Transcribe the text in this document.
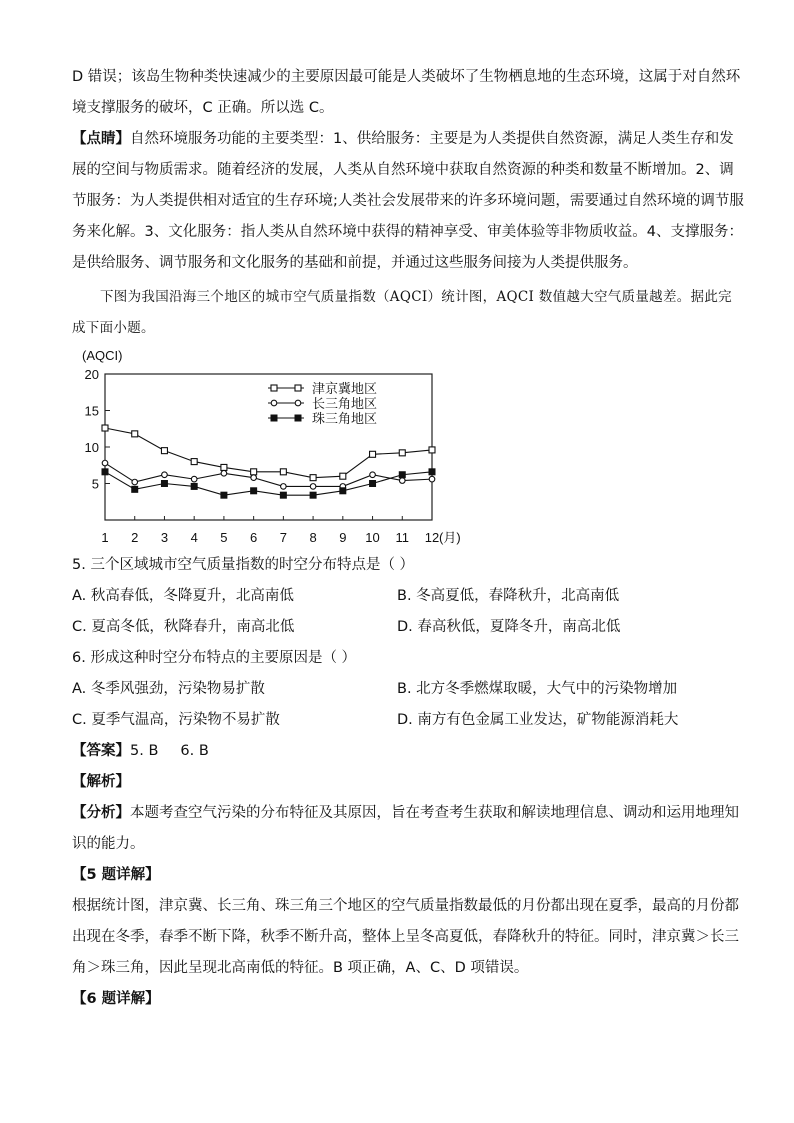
D 错误；该岛生物种类快速减少的主要原因最可能是人类破坏了生物栖息地的生态环境，这属于对自然环
境支撑服务的破坏，C 正确。所以选 C。
【点睛】自然环境服务功能的主要类型：1、供给服务：主要是为人类提供自然资源，满足人类生存和发
展的空间与物质需求。随着经济的发展，人类从自然环境中获取自然资源的种类和数量不断增加。2、调
节服务：为人类提供相对适宜的生存环境;人类社会发展带来的许多环境问题，需要通过自然环境的调节服
务来化解。3、文化服务：指人类从自然环境中获得的精神享受、审美体验等非物质收益。4、支撑服务：
是供给服务、调节服务和文化服务的基础和前提，并通过这些服务间接为人类提供服务。
下图为我国沿海三个地区的城市空气质量指数（AQCI）统计图，AQCI 数值越大空气质量越差。据此完
成下面小题。
(AQCI)
5
10
15
20
1 2 3 4 5 6 7 8 9 10 11 12 (月)
津京冀地区
长三角地区
珠三角地区
5. 三个区域城市空气质量指数的时空分布特点是（ ）
A. 秋高春低，冬降夏升，北高南低	B. 冬高夏低，春降秋升，北高南低
C. 夏高冬低，秋降春升，南高北低	D. 春高秋低，夏降冬升，南高北低
6. 形成这种时空分布特点的主要原因是（ ）
A. 冬季风强劲，污染物易扩散	B. 北方冬季燃煤取暖，大气中的污染物增加
C. 夏季气温高，污染物不易扩散	D. 南方有色金属工业发达，矿物能源消耗大
【答案】5. B 6. B
【解析】
【分析】本题考查空气污染的分布特征及其原因，旨在考查考生获取和解读地理信息、调动和运用地理知
识的能力。
【5 题详解】
根据统计图，津京冀、长三角、珠三角三个地区的空气质量指数最低的月份都出现在夏季，最高的月份都
出现在冬季，春季不断下降，秋季不断升高，整体上呈冬高夏低，春降秋升的特征。同时，津京冀＞长三
角＞珠三角，因此呈现北高南低的特征。B 项正确，A、C、D 项错误。
【6 题详解】
